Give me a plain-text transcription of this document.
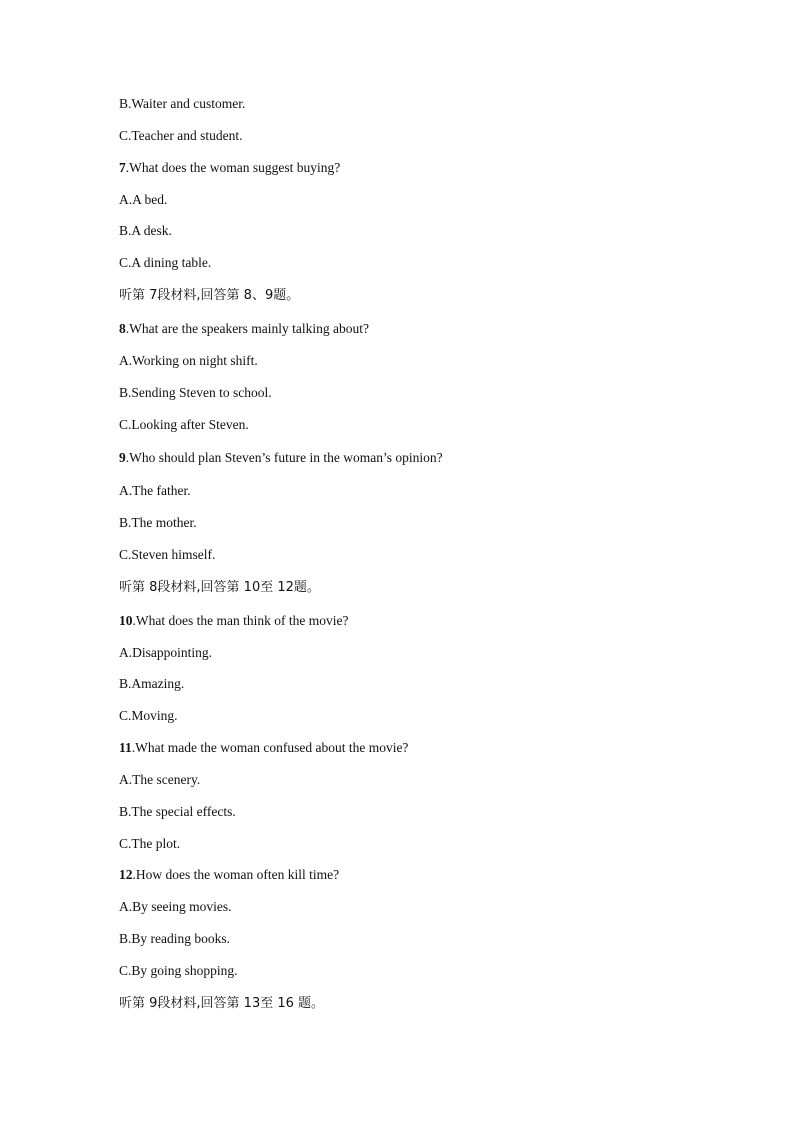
B.Waiter and customer.
C.Teacher and student.
7.What does the woman suggest buying?
A.A bed.
B.A desk.
C.A dining table.
听第 7段材料,回答第 8、9题。
8.What are the speakers mainly talking about?
A.Working on night shift.
B.Sending Steven to school.
C.Looking after Steven.
9.Who should plan Steven’s future in the woman’s opinion?
A.The father.
B.The mother.
C.Steven himself.
听第 8段材料,回答第 10至 12题。
10.What does the man think of the movie?
A.Disappointing.
B.Amazing.
C.Moving.
11.What made the woman confused about the movie?
A.The scenery.
B.The special effects.
C.The plot.
12.How does the woman often kill time?
A.By seeing movies.
B.By reading books.
C.By going shopping.
听第 9段材料,回答第 13至 16 题。
